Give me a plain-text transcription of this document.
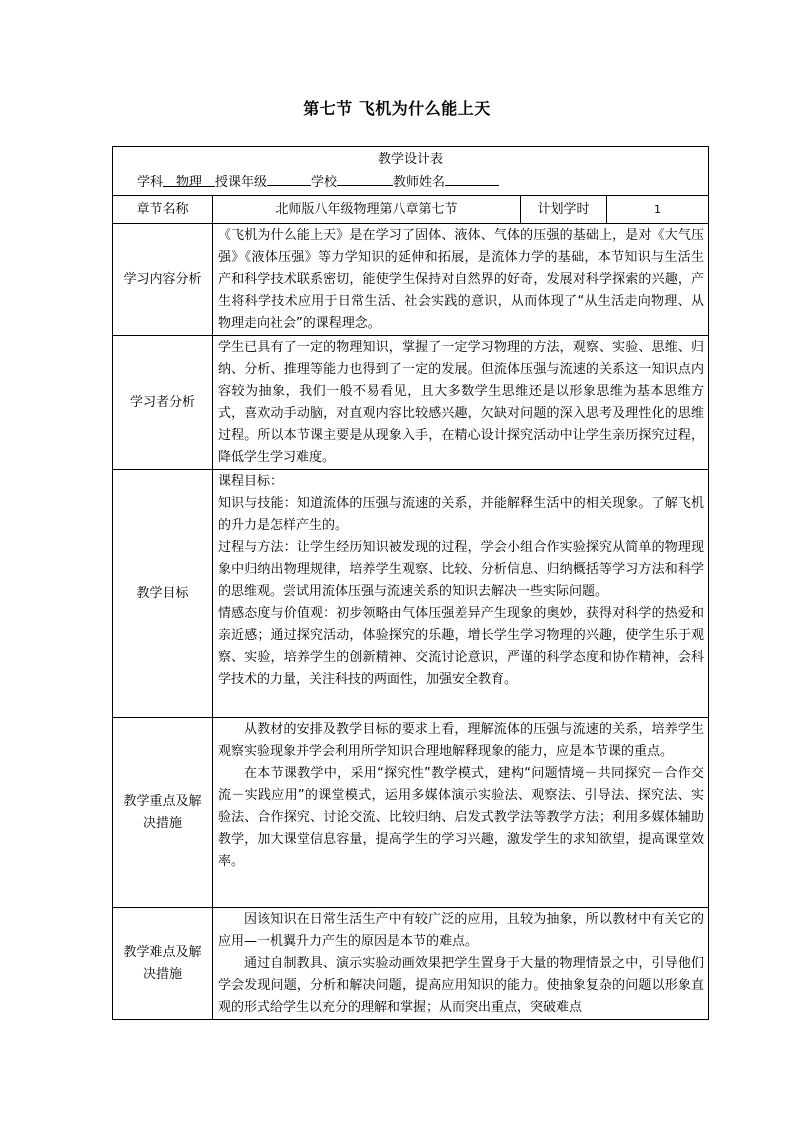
第七节 飞机为什么能上天
教学设计表
学科 物理 授课年级 学校 教师姓名			

章节名称	北师版八年级物理第八章第七节	计划学时	1
学习内容分析	《飞机为什么能上天》是在学习了固体、液体、气体的压强的基础上，是对《大气压强》《液体压强》等力学知识的延伸和拓展，是流体力学的基础，本节知识与生活生产和科学技术联系密切，能使学生保持对自然界的好奇，发展对科学探索的兴趣，产生将科学技术应用于日常生活、社会实践的意识，从而体现了“从生活走向物理、从物理走向社会”的课程理念。		
学习者分析	学生已具有了一定的物理知识，掌握了一定学习物理的方法，观察、实验、思维、归纳、分析、推理等能力也得到了一定的发展。但流体压强与流速的关系这一知识点内容较为抽象，我们一般不易看见，且大多数学生思维还是以形象思维为基本思维方式，喜欢动手动脑，对直观内容比较感兴趣，欠缺对问题的深入思考及理性化的思维过程。所以本节课主要是从现象入手，在精心设计探究活动中让学生亲历探究过程，降低学生学习难度。		
教学目标	课程目标：

知识与技能：知道流体的压强与流速的关系，并能解释生活中的相关现象。了解飞机的升力是怎样产生的。

过程与方法：让学生经历知识被发现的过程，学会小组合作实验探究从简单的物理现象中归纳出物理规律，培养学生观察、比较、分析信息、归纳概括等学习方法和科学的思维观。尝试用流体压强与流速关系的知识去解决一些实际问题。

情感态度与价值观：初步领略由气体压强差异产生现象的奥妙，获得对科学的热爱和亲近感；通过探究活动，体验探究的乐趣，增长学生学习物理的兴趣，使学生乐于观察、实验，培养学生的创新精神、交流讨论意识，严谨的科学态度和协作精神，会科学技术的力量，关注科技的两面性，加强安全教育。		

教学重点及解决措施	从教材的安排及教学目标的要求上看，理解流体的压强与流速的关系，培养学生观察实验现象并学会利用所学知识合理地解释现象的能力，应是本节课的重点。

在本节课教学中，采用“探究性”教学模式，建构“问题情境－共同探究－合作交流－实践应用”的课堂模式，运用多媒体演示实验法、观察法、引导法、探究法、实验法、合作探究、讨论交流、比较归纳、启发式教学法等教学方法；利用多媒体辅助教学，加大课堂信息容量，提高学生的学习兴趣，激发学生的求知欲望，提高课堂效率。		

教学难点及解决措施	因该知识在日常生活生产中有较广泛的应用，且较为抽象，所以教材中有关它的应用—一机翼升力产生的原因是本节的难点。

通过自制教具、演示实验动画效果把学生置身于大量的物理情景之中，引导他们学会发现问题，分析和解决问题，提高应用知识的能力。使抽象复杂的问题以形象直观的形式给学生以充分的理解和掌握；从而突出重点，突破难点		
